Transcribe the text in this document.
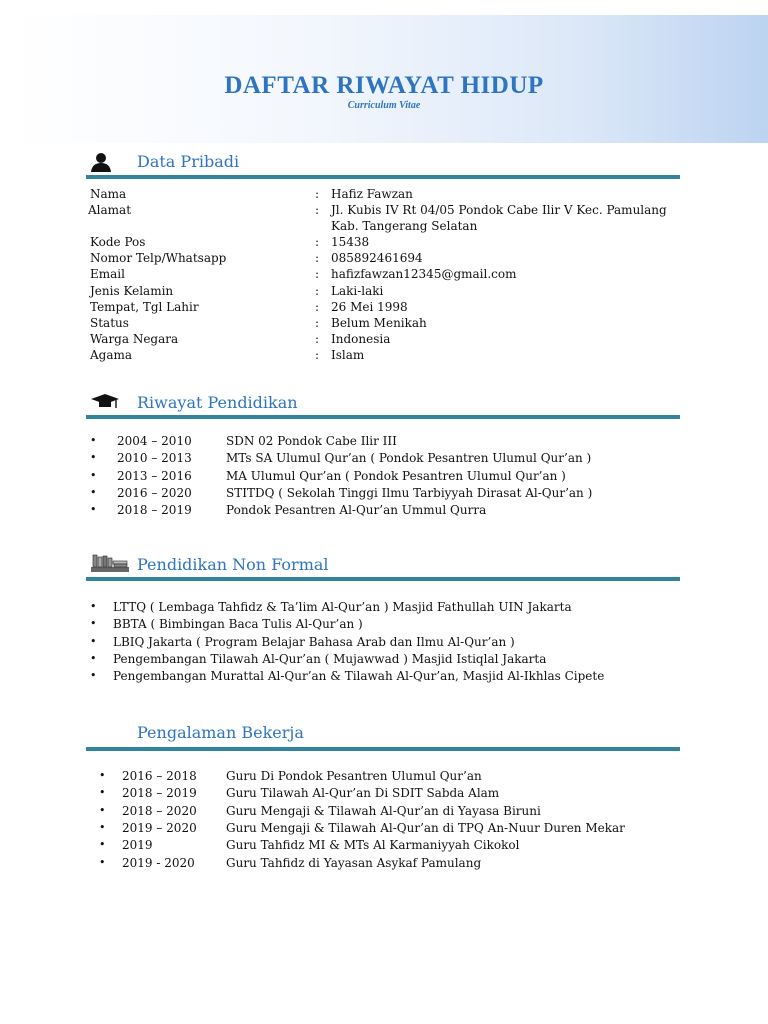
DAFTAR RIWAYAT HIDUP
Curriculum Vitae
Data Pribadi
Nama	: Hafiz Fawzan
Alamat	: Jl. Kubis IV Rt 04/05 Pondok Cabe Ilir V Kec. Pamulang
Kab. Tangerang Selatan
Kode Pos	: 15438
Nomor Telp/Whatsapp	: 085892461694
Email	: hafizfawzan12345@gmail.com
Jenis Kelamin	: Laki-laki
Tempat, Tgl Lahir	: 26 Mei 1998
Status	: Belum Menikah
Warga Negara	: Indonesia
Agama	: Islam
Riwayat Pendidikan
• 2004 – 2010	SDN 02 Pondok Cabe Ilir III
• 2010 – 2013	MTs SA Ulumul Qur’an ( Pondok Pesantren Ulumul Qur’an )
• 2013 – 2016	MA Ulumul Qur’an ( Pondok Pesantren Ulumul Qur’an )
• 2016 – 2020	STITDQ ( Sekolah Tinggi Ilmu Tarbiyyah Dirasat Al-Qur’an )
• 2018 – 2019	Pondok Pesantren Al-Qur’an Ummul Qurra
Pendidikan Non Formal
• LTTQ ( Lembaga Tahfidz & Ta’lim Al-Qur’an ) Masjid Fathullah UIN Jakarta
• BBTA ( Bimbingan Baca Tulis Al-Qur’an )
• LBIQ Jakarta ( Program Belajar Bahasa Arab dan Ilmu Al-Qur’an )
• Pengembangan Tilawah Al-Qur’an ( Mujawwad ) Masjid Istiqlal Jakarta
• Pengembangan Murattal Al-Qur’an & Tilawah Al-Qur’an, Masjid Al-Ikhlas Cipete
Pengalaman Bekerja
• 2016 – 2018 Guru Di Pondok Pesantren Ulumul Qur’an
• 2018 – 2019 Guru Tilawah Al-Qur’an Di SDIT Sabda Alam
• 2018 – 2020 Guru Mengaji & Tilawah Al-Qur’an di Yayasa Biruni
• 2019 – 2020 Guru Mengaji & Tilawah Al-Qur’an di TPQ An-Nuur Duren Mekar
• 2019	Guru Tahfidz MI & MTs Al Karmaniyyah Cikokol
• 2019 - 2020	Guru Tahfidz di Yayasan Asykaf Pamulang
